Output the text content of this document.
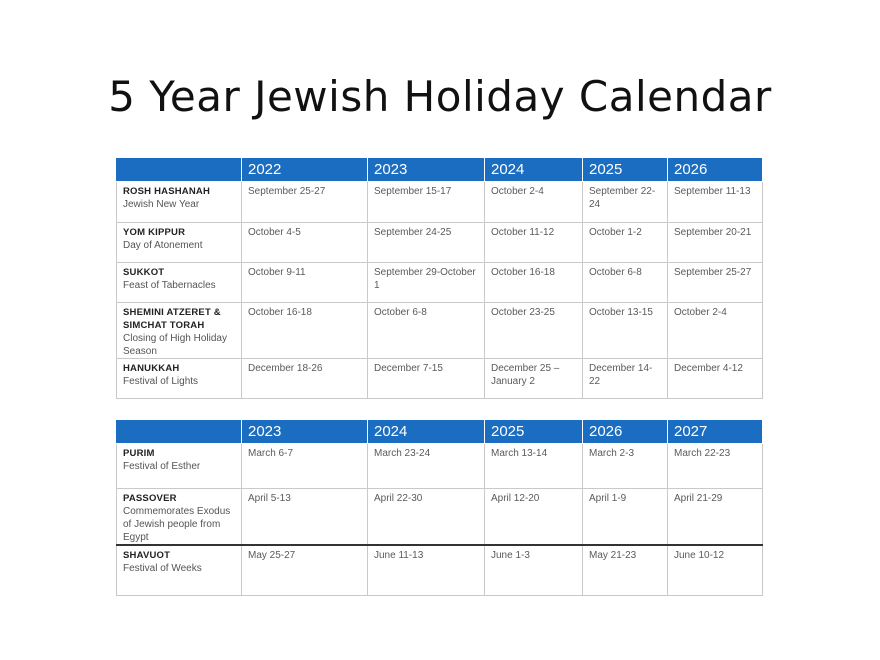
5 Year Jewish Holiday Calendar
	2022	2023	2024	2025	2026

ROSH HASHANAH
Jewish New Year	September 25-27	September 15-17	October 2-4	September 22-24	September 11-13

YOM KIPPUR
Day of Atonement	October 4-5	September 24-25	October 11-12	October 1-2	September 20-21

SUKKOT
Feast of Tabernacles	October 9-11	September 29-October 1	October 16-18	October 6-8	September 25-27

SHEMINI ATZERET & SIMCHAT TORAH
Closing of High Holiday Season	October 16-18	October 6-8	October 23-25	October 13-15	October 2-4

HANUKKAH
Festival of Lights	December 18-26	December 7-15	December 25 – January 2	December 14-22	December 4-12

	2023	2024	2025	2026	2027

PURIM
Festival of Esther	March 6-7	March 23-24	March 13-14	March 2-3	March 22-23

PASSOVER
Commemorates Exodus of Jewish people from Egypt	April 5-13	April 22-30	April 12-20	April 1-9	April 21-29

SHAVUOT
Festival of Weeks	May 25-27	June 11-13	June 1-3	May 21-23	June 10-12
